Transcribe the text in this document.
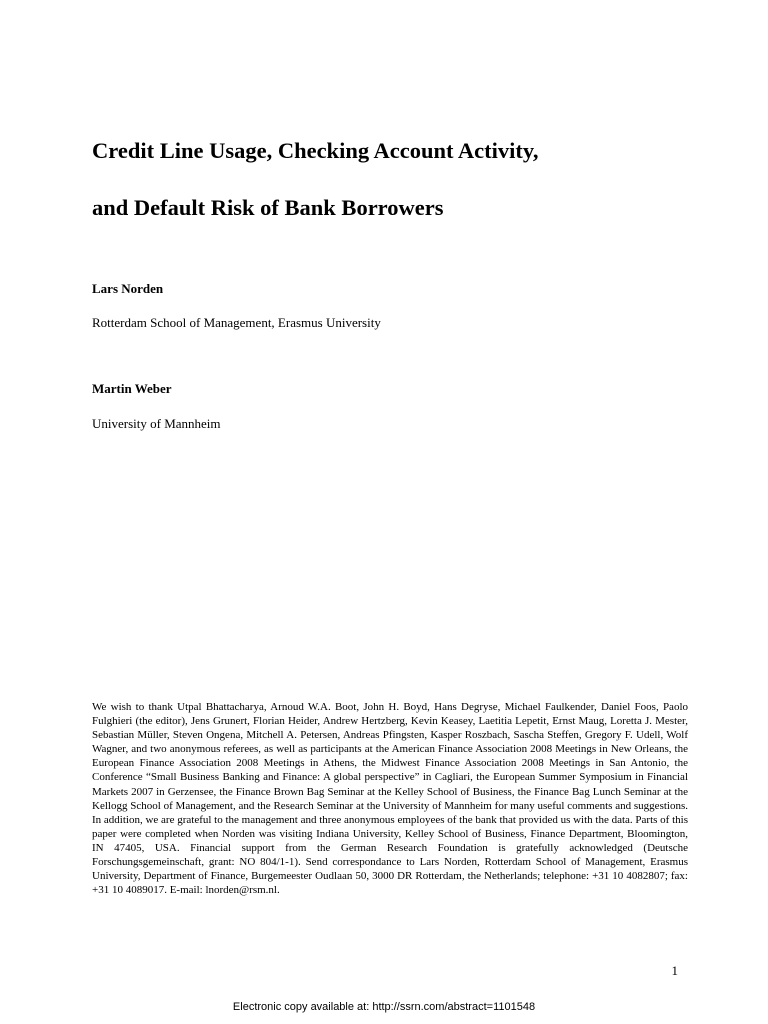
Credit Line Usage, Checking Account Activity,
and Default Risk of Bank Borrowers
Lars Norden
Rotterdam School of Management, Erasmus University
Martin Weber
University of Mannheim

We wish to thank Utpal Bhattacharya, Arnoud W.A. Boot, John H. Boyd, Hans Degryse, Michael Faulkender, Daniel Foos, Paolo Fulghieri (the editor), Jens Grunert, Florian Heider, Andrew Hertzberg, Kevin Keasey, Laetitia Lepetit, Ernst Maug, Loretta J. Mester, Sebastian Müller, Steven Ongena, Mitchell A. Petersen, Andreas Pfingsten, Kasper Roszbach, Sascha Steffen, Gregory F. Udell, Wolf Wagner, and two anonymous referees, as well as participants at the American Finance Association 2008 Meetings in New Orleans, the European Finance Association 2008 Meetings in Athens, the Midwest Finance Association 2008 Meetings in San Antonio, the Conference “Small Business Banking and Finance: A global perspective” in Cagliari, the European Summer Symposium in Financial Markets 2007 in Gerzensee, the Finance Brown Bag Seminar at the Kelley School of Business, the Finance Bag Lunch Seminar at the Kellogg School of Management, and the Research Seminar at the University of Mannheim for many useful comments and suggestions. In addition, we are grateful to the management and three anonymous employees of the bank that provided us with the data. Parts of this paper were completed when Norden was visiting Indiana University, Kelley School of Business, Finance Department, Bloomington, IN 47405, USA. Financial support from the German Research Foundation is gratefully acknowledged (Deutsche Forschungsgemeinschaft, grant: NO 804/1-1). Send correspondance to Lars Norden, Rotterdam School of Management, Erasmus University, Department of Finance, Burgemeester Oudlaan 50, 3000 DR Rotterdam, the Netherlands; telephone: +31 10 4082807; fax: +31 10 4089017. E-mail: lnorden@rsm.nl.

1
Electronic copy available at: http://ssrn.com/abstract=1101548
